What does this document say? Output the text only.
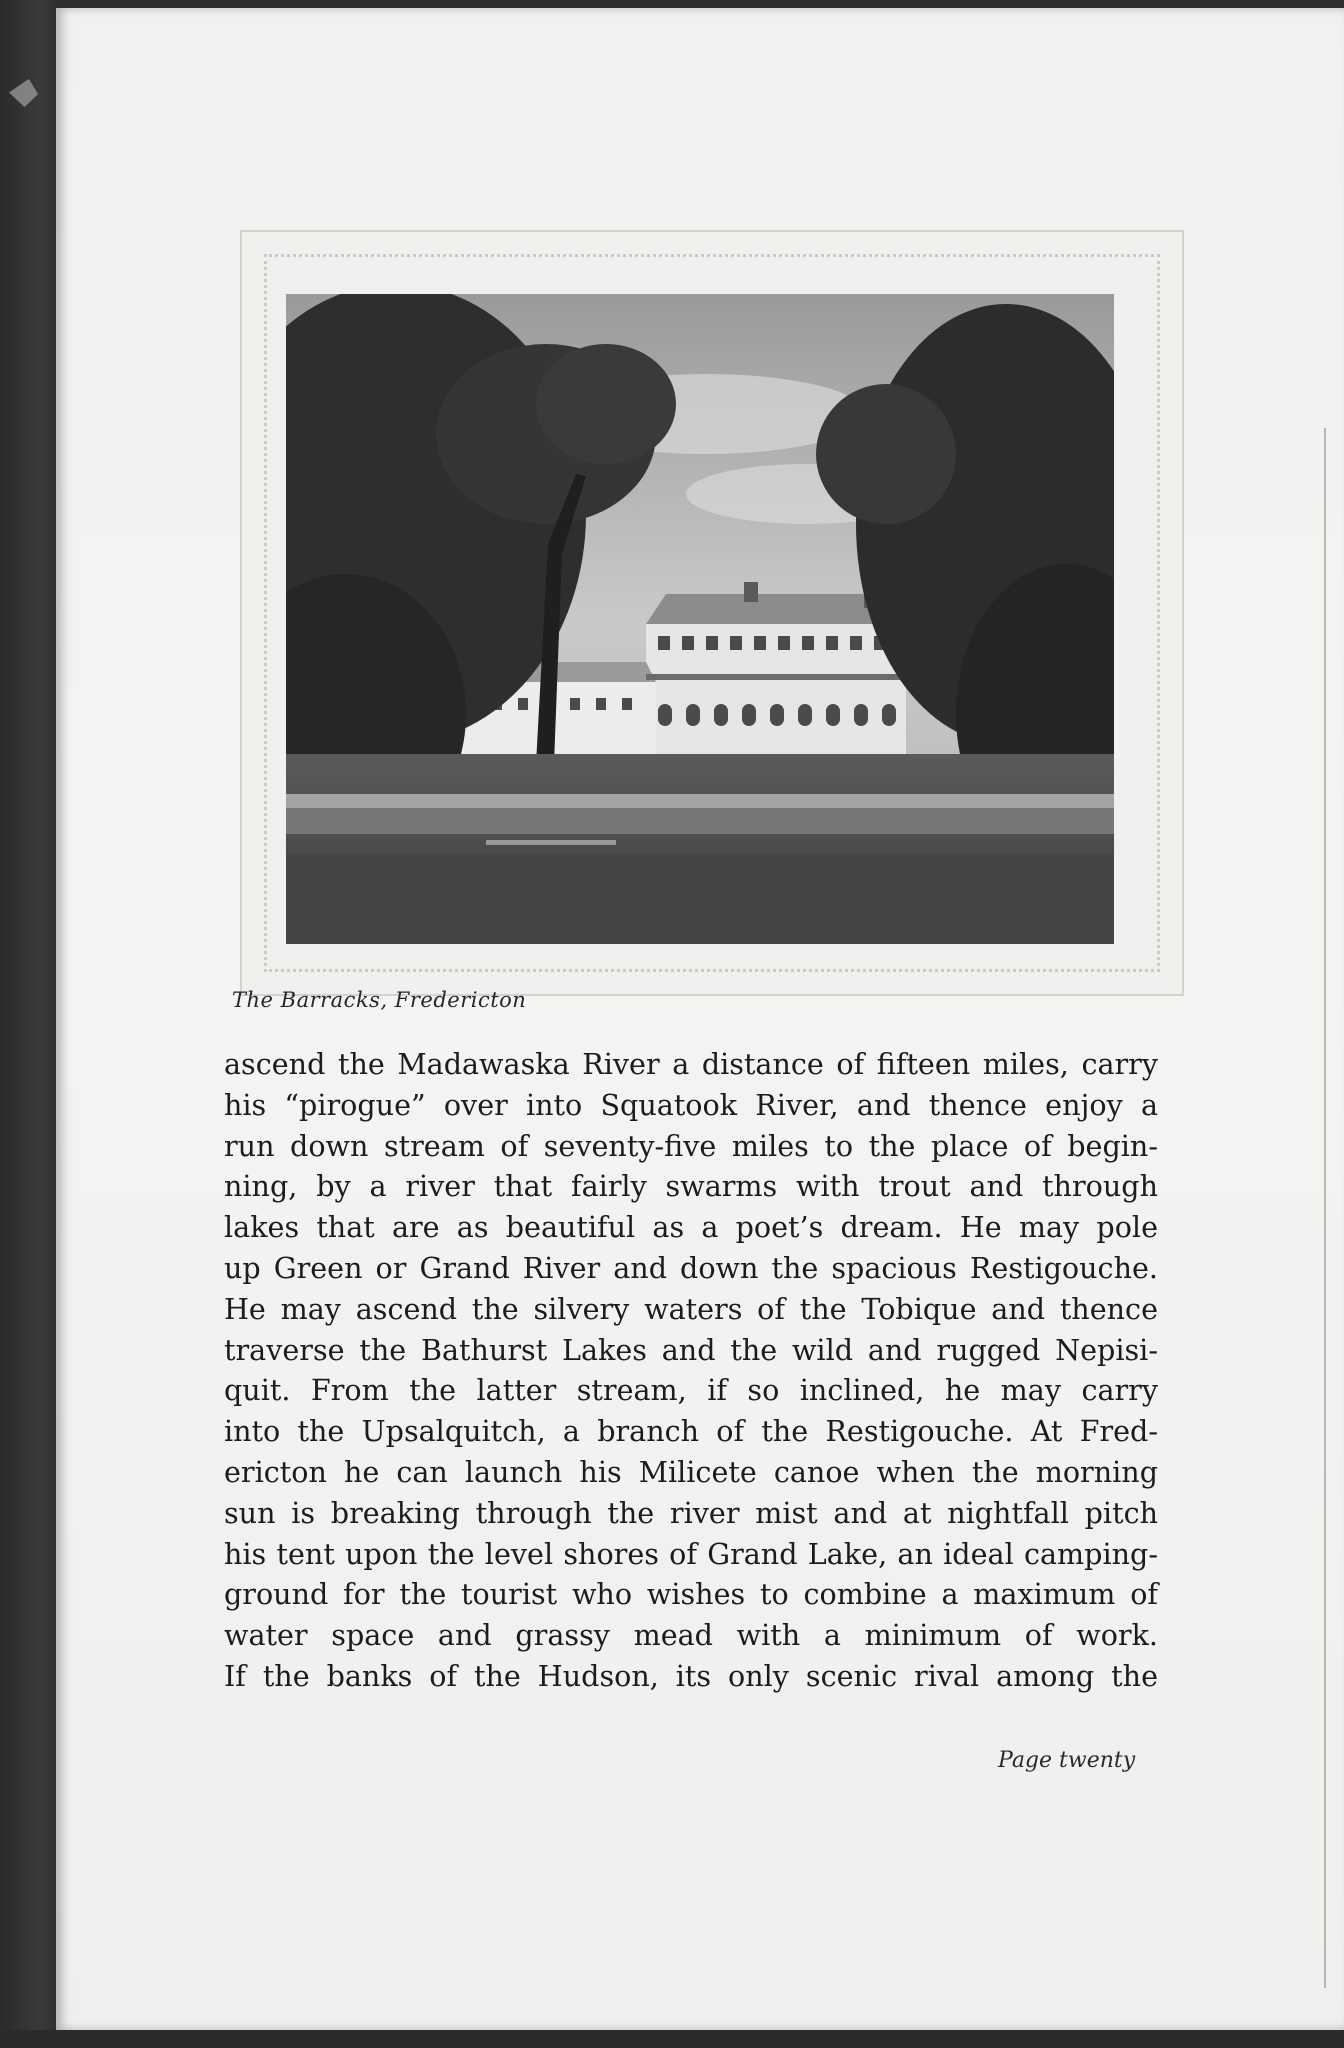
The Barracks, Fredericton
ascend the Madawaska River a distance of fifteen miles, carry
his “pirogue” over into Squatook River, and thence enjoy a
run down stream of seventy-five miles to the place of begin-
ning, by a river that fairly swarms with trout and through
lakes that are as beautiful as a poet’s dream. He may pole
up Green or Grand River and down the spacious Restigouche.
He may ascend the silvery waters of the Tobique and thence
traverse the Bathurst Lakes and the wild and rugged Nepisi-
quit. From the latter stream, if so inclined, he may carry
into the Upsalquitch, a branch of the Restigouche. At Fred-
ericton he can launch his Milicete canoe when the morning
sun is breaking through the river mist and at nightfall pitch
his tent upon the level shores of Grand Lake, an ideal camping-
ground for the tourist who wishes to combine a maximum of
water space and grassy mead with a minimum of work.
If the banks of the Hudson, its only scenic rival among the
Page twenty
